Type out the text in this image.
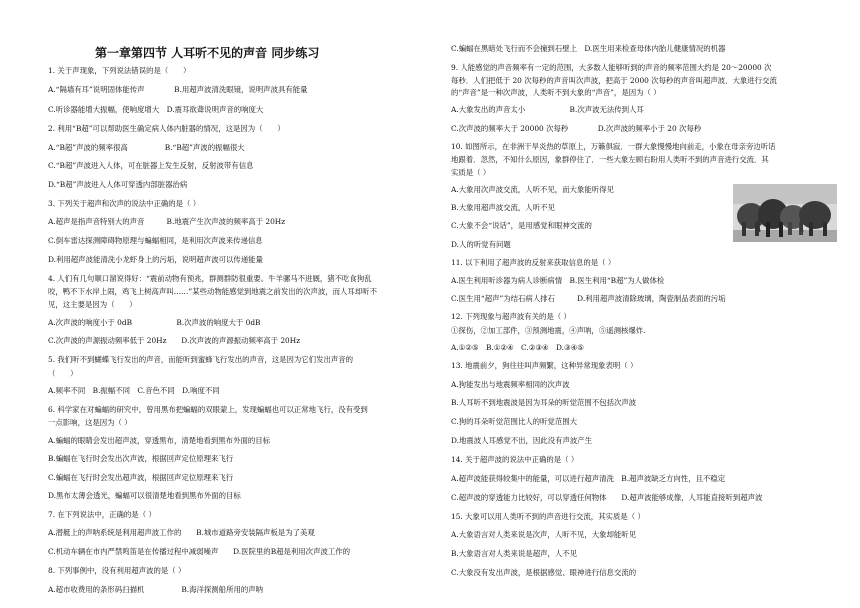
第一章第四节 人耳听不见的声音 同步练习
1. 关于声现象，下列说法错误的是（　　）
A.“隔墙有耳”说明固体能传声　　　　B.用超声波清洗眼镜，说明声波具有能量
C.听诊器能增大振幅，使响度增大　D.震耳欲聋说明声音的响度大
2. 利用“B超”可以帮助医生确定病人体内脏器的情况，这是因为（　　）
A.“B超”声波的频率很高　　　　　B.“B超”声波的振幅很大
C.“B超”声波进入人体，可在脏器上发生反射，反射波带有信息
D.“B超”声波进入人体可穿透内部脏器治病
3. 下列关于超声和次声的说法中正确的是（ ）
A.超声是指声音特别大的声音　　　B.地震产生次声波的频率高于 20Hz
C.倒车雷达探测障碍物原理与蝙蝠相同，是利用次声波来传递信息
D.利用超声波能清洗小龙虾身上的污垢，说明超声波可以传递能量
4. 人们有几句顺口溜说得好：“震前动物有预兆，群测群防很重要。牛羊骡马不进厩，猪不吃食狗乱
咬，鸭不下水岸上闹，鸡飞上树高声叫……”某些动物能感觉到地震之前发出的次声波，而人耳却听不
见，这主要是因为（　　）
A.次声波的响度小于 0dB　　　　　　B.次声波的响度大于 0dB
C.次声波的声源振动频率低于 20Hz　　D.次声波的声源振动频率高于 20Hz
5. 我们听不到蝴蝶飞行发出的声音，而能听到蜜蜂飞行发出的声音，这是因为它们发出声音的
（　　）
A.频率不同　B.振幅不同　C.音色不同　D.响度不同
6. 科学家在对蝙蝠的研究中，曾用黑布把蝙蝠的双眼蒙上，发现蝙蝠也可以正常地飞行，没有受到
一点影响，这是因为（ ）
A.蝙蝠的眼睛会发出超声波，穿透黑布，清楚地看到黑布外面的目标
B.蝙蝠在飞行时会发出次声波，根据回声定位原理来飞行
C.蝙蝠在飞行时会发出超声波，根据回声定位原理来飞行
D.黑布太薄会透光，蝙蝠可以很清楚地看到黑布外面的目标
7. 在下列说法中，正确的是（ ）
A.潜艇上的声呐系统是利用超声波工作的　　B.城市道路旁安装隔声板是为了美观
C.机动车辆在市内严禁鸣笛是在传播过程中减弱噪声　　D.医院里的B超是利用次声波工作的
8. 下列事例中，没有利用超声波的是（ ）
A.超市收费用的条形码扫描机　　　　　B.海洋探测船所用的声呐
C.蝙蝠在黑暗处飞行而不会撞到石壁上　D.医生用来检查母体内胎儿健康情况的机器
9. 人能感觉的声音频率有一定的范围，大多数人能够听到的声音的频率范围大约是 20～20000 次
每秒．人们把低于 20 次每秒的声音叫次声波，把高于 2000 次每秒的声音叫超声波．大象进行交流
的“声音”是一种次声波，人类听不到大象的“声音”，是因为（ ）
A.大象发出的声音太小　　　　　　B.次声波无法传到人耳
C.次声波的频率大于 20000 次每秒　　　　D.次声波的频率小于 20 次每秒
10. 如图所示，在非洲干旱炎热的草原上，万籁俱寂．一群大象慢慢地向前走，小象在母亲旁边听话
地跟着．忽然，不知什么原因，象群停住了．一些大象左顾右盼用人类听不到的声音进行交流．其
实质是（ ）
A.大象用次声波交流，人听不见，而大象能听得见
B.大象用超声波交流，人听不见
C.大象不会“说话”，是用感觉和眼神交流的
D.人的听觉有问题
11. 以下利用了超声波的反射来获取信息的是（ ）
A.医生利用听诊器为病人诊断病情　B.医生利用“B超”为人做体检
C.医生用“超声”为结石病人排石　　　D.利用超声波清除玻璃，陶瓷制品表面的污垢
12. 下列现象与超声波有关的是（ ）
①探伤，②加工部件，③预测地震，④声呐，⑤遥测核爆炸.
A.①②⑤　B.①②④　C.②③④　D.③④⑤
13. 地震前夕，狗往往叫声频繁，这种异常现象表明（ ）
A.狗能发出与地震频率相同的次声波
B.人耳听不到地震波是因为耳朵的听觉范围不包括次声波
C.狗的耳朵听觉范围比人的听觉范围大
D.地震波人耳感觉不出，因此没有声波产生
14. 关于超声波的说法中正确的是（ ）
A.超声波能获得较集中的能量，可以进行超声清洗　B.超声波缺乏方向性，且不稳定
C.超声波的穿透能力比较好，可以穿透任何物体　　D.超声波能够成像，人耳能直接听到超声波
15. 大象可以用人类听不到的声音进行交流，其实质是（ ）
A.大象语言对人类来说是次声，人听不见，大象却能听见
B.大象语言对人类来说是超声，人不见
C.大象没有发出声波，是根据感觉、眼神进行信息交流的
